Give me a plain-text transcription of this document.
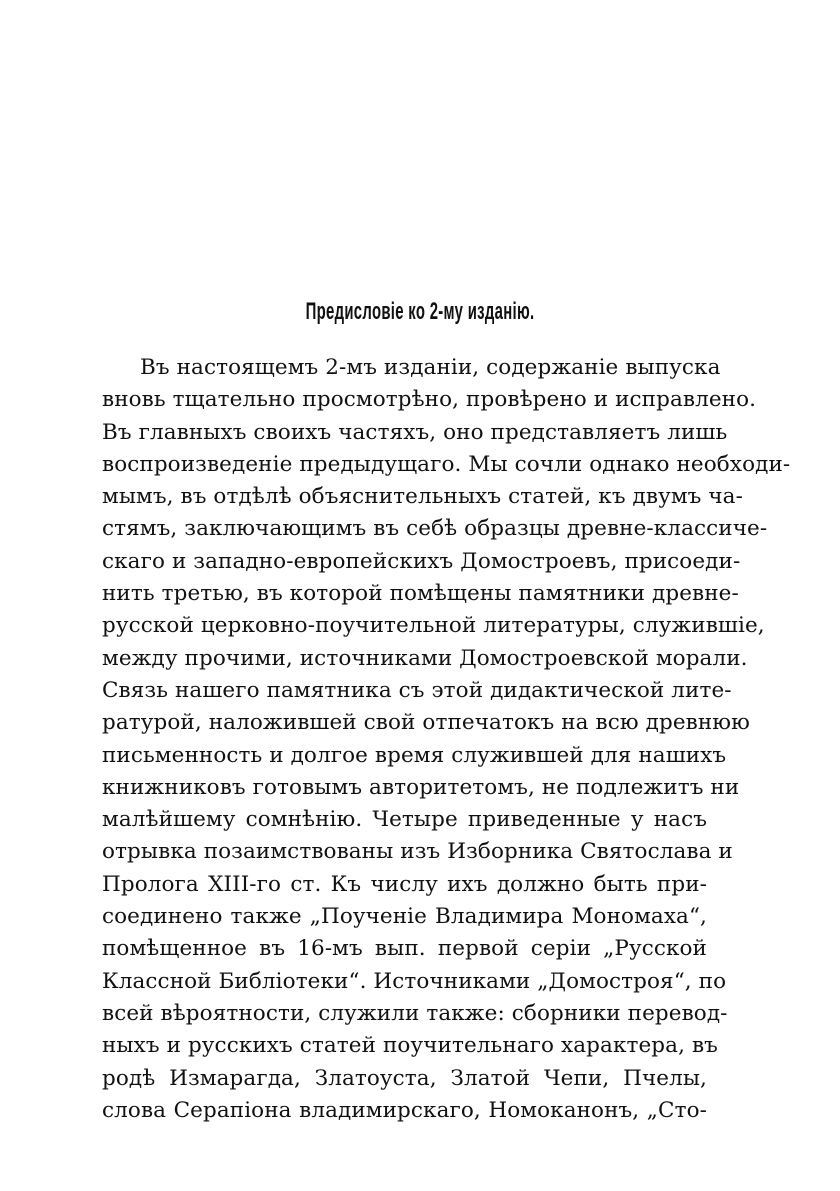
Предисловіе ко 2-му изданію.
Въ настоящемъ 2-мъ изданіи, содержаніе выпуска
вновь тщательно просмотрѣно, провѣрено и исправлено.
Въ главныхъ своихъ частяхъ, оно представляетъ лишь
воспроизведеніе предыдущаго. Мы сочли однако необходи-
мымъ, въ отдѣлѣ объяснительныхъ статей, къ двумъ ча-
стямъ, заключающимъ въ себѣ образцы древне-классиче-
скаго и западно-европейскихъ Домостроевъ, присоеди-
нить третью, въ которой помѣщены памятники древне-
русской церковно-поучительной литературы, служившіе,
между прочими, источниками Домостроевской морали.
Связь нашего памятника съ этой дидактической лите-
ратурой, наложившей свой отпечатокъ на всю древнюю
письменность и долгое время служившей для нашихъ
книжниковъ готовымъ авторитетомъ, не подлежитъ ни
малѣйшему сомнѣнію. Четыре приведенные у насъ
отрывка позаимствованы изъ Изборника Святослава и
Пролога XIII-го ст. Къ числу ихъ должно быть при-
соединено также „Поученіе Владимира Мономаха“,
помѣщенное въ 16-мъ вып. первой серіи „Русской
Классной Библіотеки“. Источниками „Домостроя“, по
всей вѣроятности, служили также: сборники перевод-
ныхъ и русскихъ статей поучительнаго характера, въ
родѣ Измарагда, Златоуста, Златой Чепи, Пчелы,
слова Серапіона владимирскаго, Номоканонъ, „Сто-
